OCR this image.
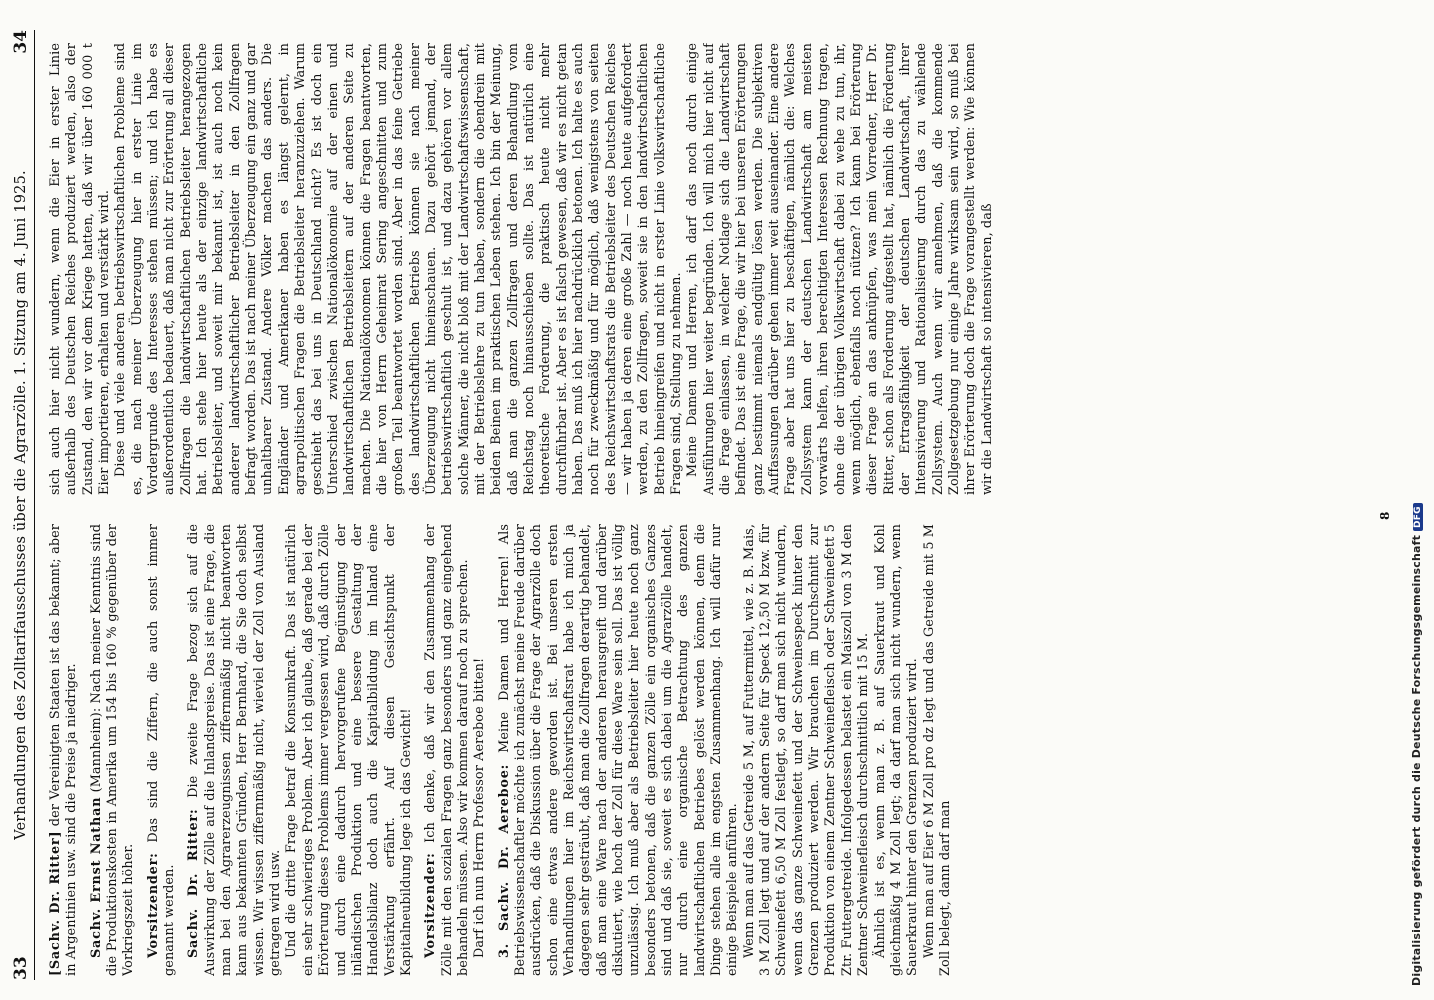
33
Verhandlungen des Zolltarifausschusses über die Agrarzölle. 1. Sitzung am 4. Juni 1925.
34

[Sachv. Dr. Ritter] der Vereinigten Staaten ist das bekannt; aber in Argentinien usw. sind die Preise ja niedriger. Sachv. Ernst Nathan (Mannheim): Nach meiner Kenntnis sind die Produktionskosten in Amerika um 154 bis 160 % gegenüber der Vorkriegszeit höher. Vorsitzender: Das sind die Ziffern, die auch sonst immer genannt werden. Sachv. Dr. Ritter: Die zweite Frage bezog sich auf die Auswirkung der Zölle auf die Inlandspreise. Das ist eine Frage, die man bei den Agrarerzeugnissen ziffernmäßig nicht beantworten kann aus bekannten Gründen, Herr Bernhard, die Sie doch selbst wissen. Wir wissen ziffernmäßig nicht, wieviel der Zoll von Ausland getragen wird usw. Und die dritte Frage betraf die Konsumkraft. Das ist natürlich ein sehr schwieriges Problem. Aber ich glaube, daß gerade bei der Erörterung dieses Problems immer vergessen wird, daß durch Zölle und durch eine dadurch hervorgerufene Begünstigung der inländischen Produktion und eine bessere Gestaltung der Handelsbilanz doch auch die Kapitalbildung im Inland eine Verstärkung erfährt. Auf diesen Gesichtspunkt der Kapitalneubildung lege ich das Gewicht! Vorsitzender: Ich denke, daß wir den Zusammenhang der Zölle mit den sozialen Fragen ganz besonders und ganz eingehend behandeln müssen. Also wir kommen darauf noch zu sprechen. Darf ich nun Herrn Professor Aereboe bitten! 3. Sachv. Dr. Aereboe: Meine Damen und Herren! Als Betriebswissenschaftler möchte ich zunächst meine Freude darüber ausdrücken, daß die Diskussion über die Frage der Agrarzölle doch schon eine etwas andere geworden ist. Bei unseren ersten Verhandlungen hier im Reichswirtschaftsrat habe ich mich ja dagegen sehr gesträubt, daß man die Zollfragen derartig behandelt, daß man eine Ware nach der anderen herausgreift und darüber diskutiert, wie hoch der Zoll für diese Ware sein soll. Das ist völlig unzulässig. Ich muß aber als Betriebsleiter hier heute noch ganz besonders betonen, daß die ganzen Zölle ein organisches Ganzes sind und daß sie, soweit es sich dabei um die Agrarzölle handelt, nur durch eine organische Betrachtung des ganzen landwirtschaftlichen Betriebes gelöst werden können, denn die Dinge stehen alle im engsten Zusammenhang. Ich will dafür nur einige Beispiele anführen. Wenn man auf das Getreide 5 M, auf Futtermittel, wie z. B. Mais, 3 M Zoll legt und auf der andern Seite für Speck 12,50 M bzw. für Schweinefett 6,50 M Zoll festlegt, so darf man sich nicht wundern, wenn das ganze Schweinefett und der Schweinespeck hinter den Grenzen produziert werden. Wir brauchen im Durchschnitt zur Produktion von einem Zentner Schweinefleisch oder Schweinefett 5 Ztr. Futtergetreide. Infolgedessen belastet ein Maiszoll von 3 M den Zentner Schweinefleisch durchschnittlich mit 15 M. Ähnlich ist es, wenn man z. B. auf Sauerkraut und Kohl gleichmäßig 4 M Zoll legt; da darf man sich nicht wundern, wenn Sauerkraut hinter den Grenzen produziert wird. Wenn man auf Eier 6 M Zoll pro dz legt und das Getreide mit 5 M Zoll belegt, dann darf man

sich auch hier nicht wundern, wenn die Eier in erster Linie außerhalb des Deutschen Reiches produziert werden, also der Zustand, den wir vor dem Kriege hatten, daß wir über 160 000 t Eier importieren, erhalten und verstärkt wird. Diese und viele anderen betriebswirtschaftlichen Probleme sind es, die nach meiner Überzeugung hier in erster Linie im Vordergrunde des Interesses stehen müssen; und ich habe es außerordentlich bedauert, daß man nicht zur Erörterung all dieser Zollfragen die landwirtschaftlichen Betriebsleiter herangezogen hat. Ich stehe hier heute als der einzige landwirtschaftliche Betriebsleiter, und soweit mir bekannt ist, ist auch noch kein anderer landwirtschaftlicher Betriebsleiter in den Zollfragen befragt worden. Das ist nach meiner Überzeugung ein ganz und gar unhaltbarer Zustand. Andere Völker machen das anders. Die Engländer und Amerikaner haben es längst gelernt, in agrarpolitischen Fragen die Betriebsleiter heranzuziehen. Warum geschieht das bei uns in Deutschland nicht? Es ist doch ein Unterschied zwischen Nationalökonomie auf der einen und landwirtschaftlichen Betriebsleitern auf der anderen Seite zu machen. Die Nationalökonomen können die Fragen beantworten, die hier von Herrn Geheimrat Sering angeschnitten und zum großen Teil beantwortet worden sind. Aber in das feine Getriebe des landwirtschaftlichen Betriebs können sie nach meiner Überzeugung nicht hineinschauen. Dazu gehört jemand, der betriebswirtschaftlich geschult ist, und dazu gehören vor allem solche Männer, die nicht bloß mit der Landwirtschaftswissenschaft, mit der Betriebslehre zu tun haben, sondern die obendrein mit beiden Beinen im praktischen Leben stehen. Ich bin der Meinung, daß man die ganzen Zollfragen und deren Behandlung vom Reichstag noch hinausschieben sollte. Das ist natürlich eine theoretische Forderung, die praktisch heute nicht mehr durchführbar ist. Aber es ist falsch gewesen, daß wir es nicht getan haben. Das muß ich hier nachdrücklich betonen. Ich halte es auch noch für zweckmäßig und für möglich, daß wenigstens von seiten des Reichswirtschaftsrats die Betriebsleiter des Deutschen Reiches — wir haben ja deren eine große Zahl — noch heute aufgefordert werden, zu den Zollfragen, soweit sie in den landwirtschaftlichen Betrieb hineingreifen und nicht in erster Linie volkswirtschaftliche Fragen sind, Stellung zu nehmen. Meine Damen und Herren, ich darf das noch durch einige Ausführungen hier weiter begründen. Ich will mich hier nicht auf die Frage einlassen, in welcher Notlage sich die Landwirtschaft befindet. Das ist eine Frage, die wir hier bei unseren Erörterungen ganz bestimmt niemals endgültig lösen werden. Die subjektiven Auffassungen darüber gehen immer weit auseinander. Eine andere Frage aber hat uns hier zu beschäftigen, nämlich die: Welches Zollsystem kann der deutschen Landwirtschaft am meisten vorwärts helfen, ihren berechtigten Interessen Rechnung tragen, ohne die der übrigen Volkswirtschaft dabei zu wehe zu tun, ihr, wenn möglich, ebenfalls noch nützen? Ich kann bei Erörterung dieser Frage an das anknüpfen, was mein Vorredner, Herr Dr. Ritter, schon als Forderung aufgestellt hat, nämlich die Förderung der Ertragsfähigkeit der deutschen Landwirtschaft, ihrer Intensivierung und Rationalisierung durch das zu wählende Zollsystem. Auch wenn wir annehmen, daß die kommende Zollgesetzgebung nur einige Jahre wirksam sein wird, so muß bei ihrer Erörterung doch die Frage vorangestellt werden: Wie können wir die Landwirtschaft so intensivieren, daß

8
Digitalisierung gefördert durch die Deutsche ForschungsgemeinschaftDFG
